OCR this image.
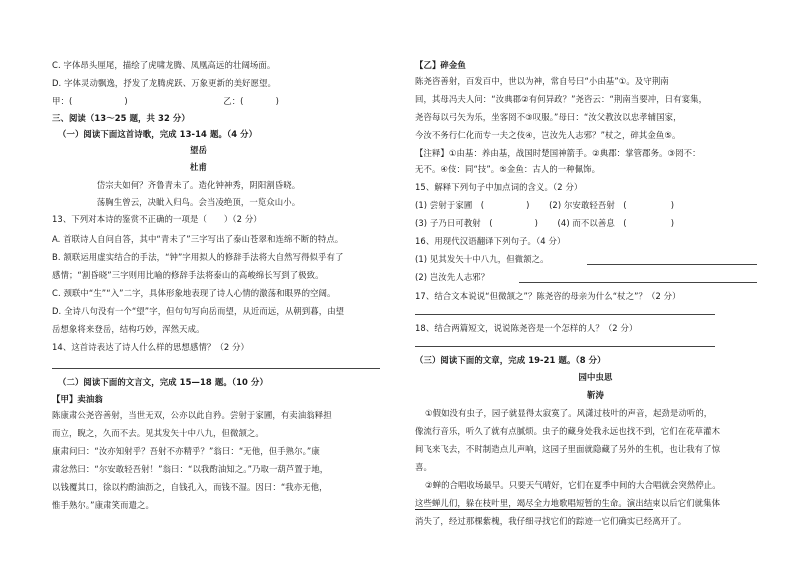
C. 字体昂头厘尾，描绘了虎啸龙腾、凤凰高远的壮阔场面。
D. 字体灵动飘逸，抒发了龙腾虎跃、万象更新的美好愿望。
甲：(	)	乙：(	)
三、阅读（13～25 题，共 32 分）
（一）阅读下面这首诗歌，完成 13-14 题。（4 分）
望岳
杜甫
岱宗夫如何？齐鲁青未了。造化钟神秀，阴阳割昏晓。
荡胸生曾云，决眦入归鸟。会当凌绝顶，一览众山小。
13、下列对本诗的鉴赏不正确的一项是（　　）（2 分）
A. 首联诗人自问自答，其中“青未了”三字写出了泰山苍翠和连绵不断的特点。
B. 颔联运用虚实结合的手法，“钟”字用拟人的修辞手法将大自然写得似乎有了
感情；“割昏晓”三字则用比喻的修辞手法将泰山的高峻绵长写到了极致。
C. 颈联中“生”“入”二字，具体形象地表现了诗人心情的激荡和眼界的空阔。
D. 全诗八句没有一个“望”字，但句句写向岳而望，从近而远，从朝到暮，由望
岳想象将来登岳，结构巧妙，浑然天成。
14、这首诗表达了诗人什么样的思想感情？（2 分）
（二）阅读下面的文言文，完成 15—18 题。（10 分）
【甲】卖油翁
陈康肃公尧咨善射，当世无双，公亦以此自矜。尝射于家圃，有卖油翁释担
而立，睨之，久而不去。见其发矢十中八九，但微颔之。
康肃问曰：“汝亦知射乎？吾射不亦精乎？”翁曰：“无他，但手熟尔。”康
肃忿然曰：“尔安敢轻吾射！”翁曰：“以我酌油知之。”乃取一葫芦置于地，
以钱覆其口，徐以杓酌油沥之，自钱孔入，而钱不湿。因曰：“我亦无他，
惟手熟尔。”康肃笑而遣之。
【乙】碎金鱼
陈尧咨善射，百发百中，世以为神，常自号曰“小由基”①。及守荆南
回，其母冯夫人问：“汝典郡②有何异政？”尧咨云：“荆南当要冲，日有宴集，
尧咨每以弓矢为乐，坐客罔不③叹服。”母曰：“汝父教汝以忠孝辅国家，
今汝不务行仁化而专一夫之伎④，岂汝先人志邪？”杖之，碎其金鱼⑤。
【注释】①由基：养由基，战国时楚国神箭手。②典郡：掌管郡务。③罔不：
无不。④伎：同“技”。⑤金鱼：古人的一种佩饰。
15、解释下列句子中加点词的含义。（2 分）
(1) 尝射于家圃　(	) (2) 尔安敢轻吾射　(	)
(3) 子乃日可教射　(	) (4) 而不以善息　(	)
16、用现代汉语翻译下列句子。（4 分）
(1) 见其发矢十中八九，但微颔之。
(2) 岂汝先人志邪？
17、结合文本说说“但微颔之”？陈尧咨的母亲为什么“杖之”？（2 分）
18、结合两篇短文，说说陈尧咨是一个怎样的人？（2 分）
（三）阅读下面的文章，完成 19-21 题。（8 分）
园中虫思
靳涛
①假如没有虫子，园子就显得太寂寞了。风潇过枝叶的声音，起劲是动听的，
像流行音乐，听久了就有点腻烦。虫子的藏身处我永远也找不到，它们在花草灌木
间飞来飞去，不时制造点儿声响，这园子里面就隐藏了另外的生机，也让我有了惊
喜。
②蝉的合唱收场最早。只要天气晴好，它们在夏季中间的大合唱就会突然停止。
这些蝉儿们，躲在枝叶里，竭尽全力地歌唱短暂的生命。演出结束以后它们就集体
消失了，经过那棵紫槐，我仔细寻找它们的踪迹一它们确实已经离开了。
